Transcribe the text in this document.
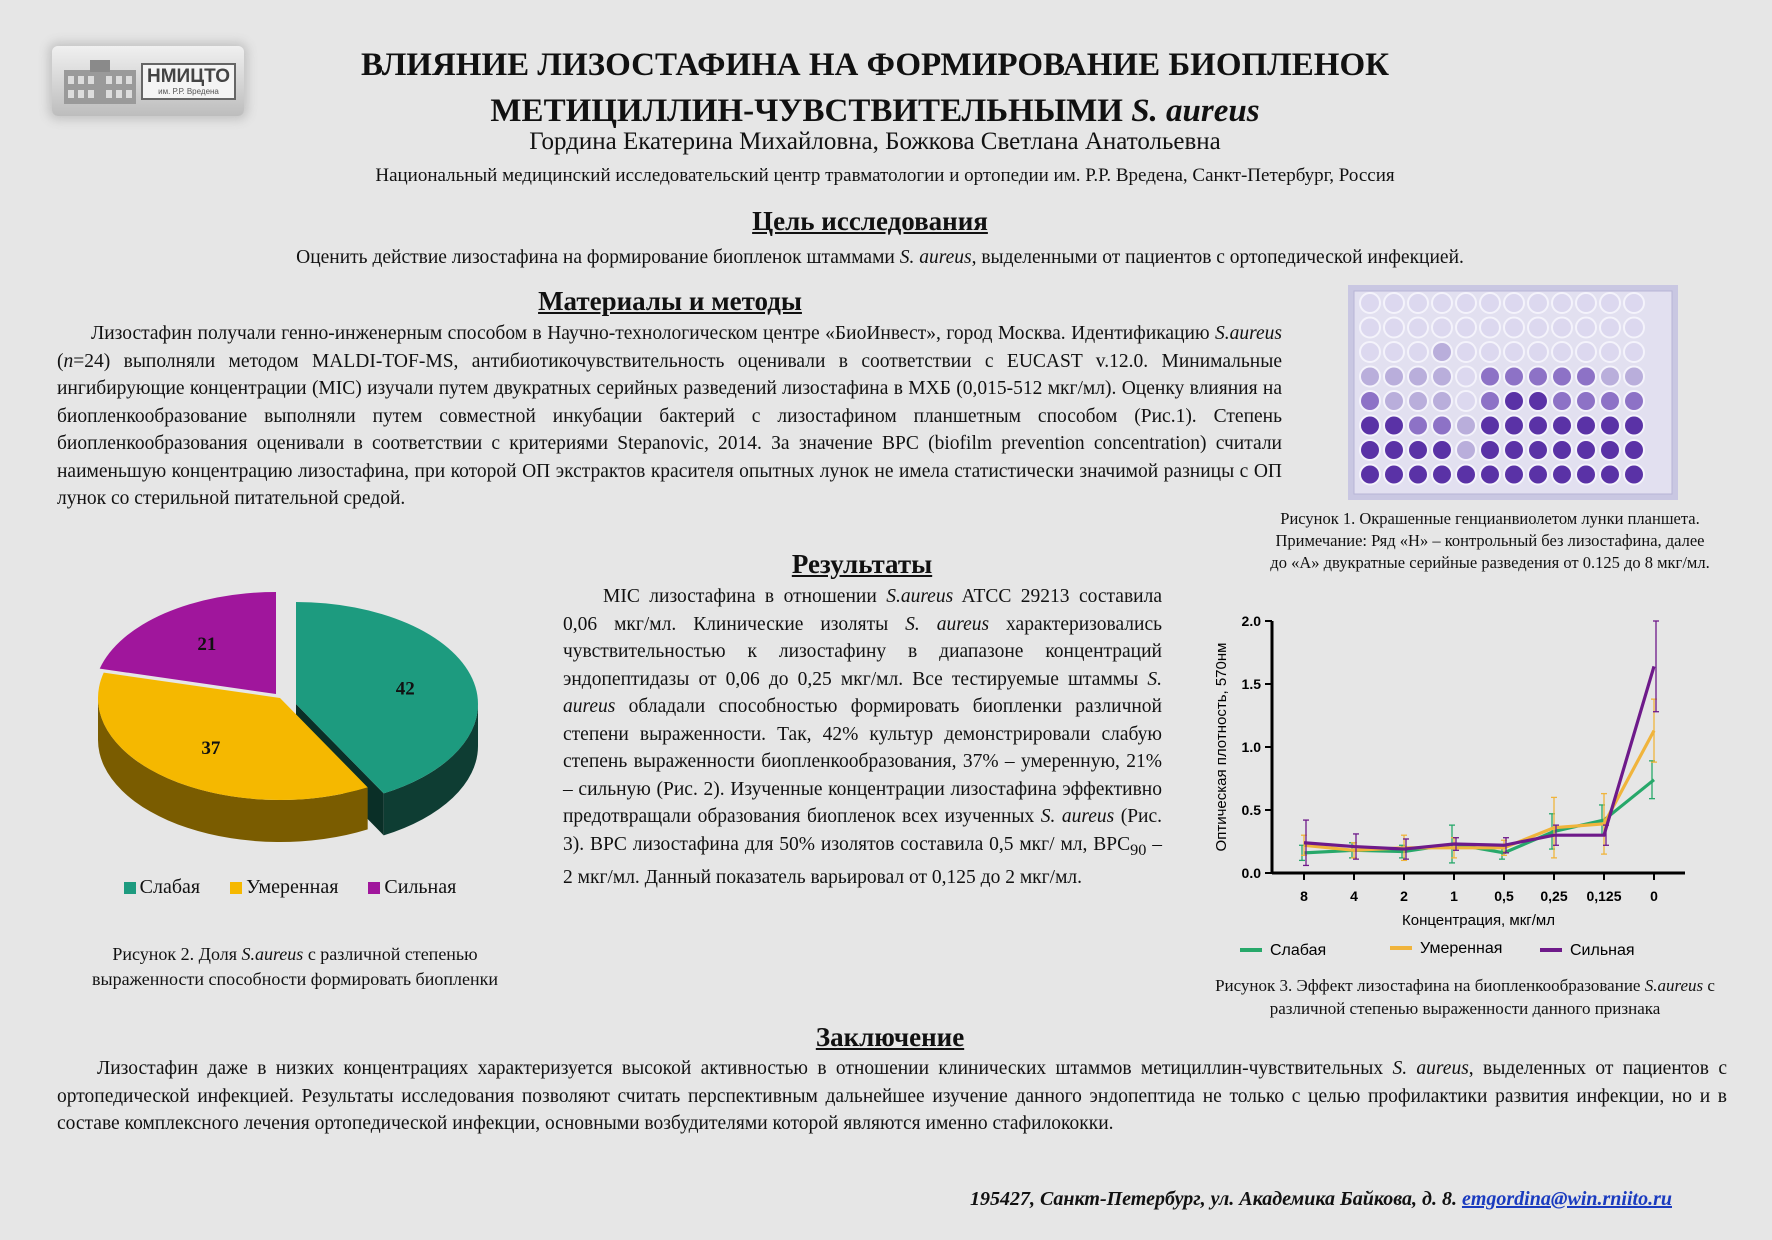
НМИЦТО
им. Р.Р. Вредена
ВЛИЯНИЕ ЛИЗОСТАФИНА НА ФОРМИРОВАНИЕ БИОПЛЕНОК
МЕТИЦИЛЛИН-ЧУВСТВИТЕЛЬНЫМИ S. aureus
Гордина Екатерина Михайловна, Божкова Светлана Анатольевна
Национальный медицинский исследовательский центр травматологии и ортопедии им. Р.Р. Вредена, Санкт-Петербург, Россия
Цель исследования
Оценить действие лизостафина на формирование биопленок штаммами S. aureus, выделенными от пациентов с ортопедической инфекцией.
Материалы и методы
Лизостафин получали генно-инженерным способом в Научно-технологическом центре «БиоИнвест», город Москва. Идентификацию S.aureus (n=24) выполняли методом MALDI-TOF-MS, антибиотикочувствительность оценивали в соответствии с EUCAST v.12.0. Минимальные ингибирующие концентрации (MIC) изучали путем двукратных серийных разведений лизостафина в МХБ (0,015-512 мкг/мл). Оценку влияния на биопленкообразование выполняли путем совместной инкубации бактерий с лизостафином планшетным способом (Рис.1). Степень биопленкообразования оценивали в соответствии с критериями Stepanovic, 2014. За значение BPC (biofilm prevention concentration) считали наименьшую концентрацию лизостафина, при которой ОП экстрактов красителя опытных лунок не имела статистически значимой разницы с ОП лунок со стерильной питательной средой.
Рисунок 1. Окрашенные генцианвиолетом лунки планшета. Примечание: Ряд «Н» – контрольный без лизостафина, далее до «А» двукратные серийные разведения от 0.125 до 8 мкг/мл.
Результаты
MIC лизостафина в отношении S.aureus ATCC 29213 составила 0,06 мкг/мл. Клинические изоляты S. aureus характеризовались чувствительностью к лизостафину в диапазоне концентраций эндопептидазы от 0,06 до 0,25 мкг/мл. Все тестируемые штаммы S. aureus обладали способностью формировать биопленки различной степени выраженности. Так, 42% культур демонстрировали слабую степень выраженности биопленкообразования, 37% – умеренную, 21% – сильную (Рис. 2). Изученные концентрации лизостафина эффективно предотвращали образования биопленок всех изученных S. aureus (Рис. 3). BPC лизостафина для 50% изолятов составила 0,5 мкг/ мл, $BPC_{90} - 2$ мкг/мл. Данный показатель варьировал от 0,125 до 2 мкг/мл.
42
37
21
Слабая	Умеренная	Сильная
Рисунок 2. Доля S.aureus с различной степенью выраженности способности формировать биопленки
0.0
0.5
1.0
1.5
2.0
8	4	2	1	0,5 0,25 0,125 0
Оптическая плотность, 570нм
Концентрация, мкг/мл
Слабая	Умеренная	Сильная
Рисунок 3. Эффект лизостафина на биопленкообразование S.aureus с различной степенью выраженности данного признака
Заключение
Лизостафин даже в низких концентрациях характеризуется высокой активностью в отношении клинических штаммов метициллин-чувствительных S. aureus, выделенных от пациентов с ортопедической инфекцией. Результаты исследования позволяют считать перспективным дальнейшее изучение данного эндопептида не только с целью профилактики развития инфекции, но и в составе комплексного лечения ортопедической инфекции, основными возбудителями которой являются именно стафилококки.
195427, Санкт-Петербург, ул. Академика Байкова, д. 8. emgordina@win.rniito.ru
